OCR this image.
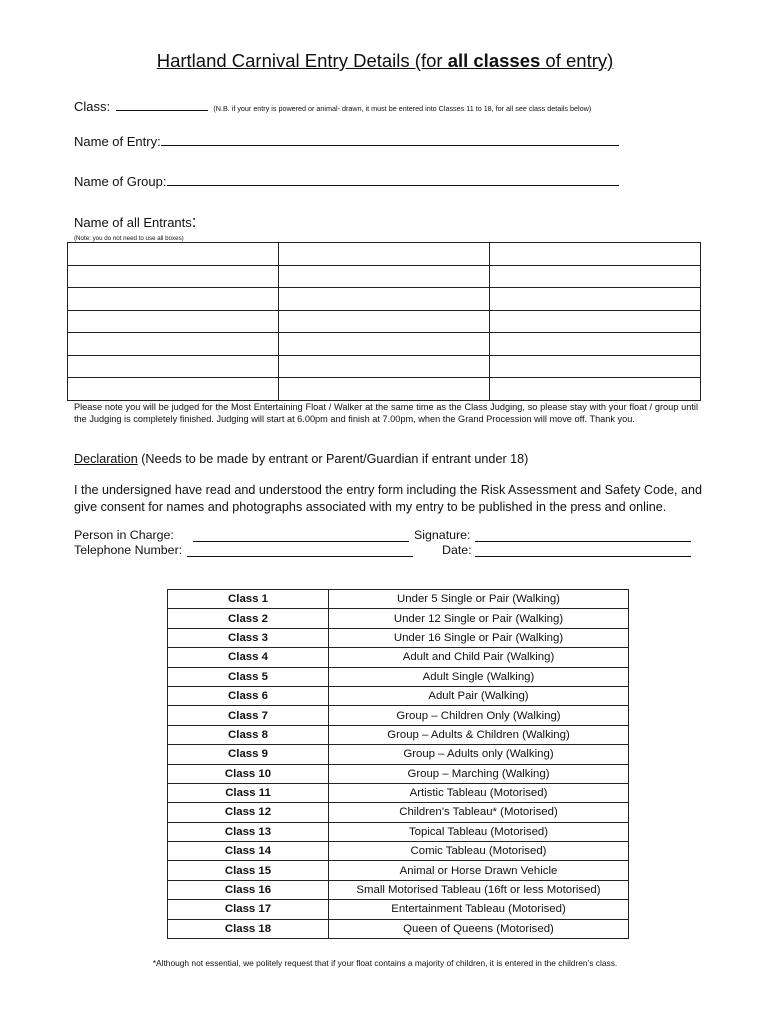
Hartland Carnival Entry Details (for all classes of entry)
Class:	(N.B. if your entry is powered or animal- drawn, it must be entered into Classes 11 to 18, for all see class details below)
Name of Entry:
Name of Group:
Name of all Entrants:
(Note: you do not need to use all boxes)

Please note you will be judged for the Most Entertaining Float / Walker at the same time as the Class Judging, so please stay with your float / group until the Judging is completely finished. Judging will start at 6.00pm and finish at 7.00pm, when the Grand Procession will move off. Thank you.
Declaration (Needs to be made by entrant or Parent/Guardian if entrant under 18)
I the undersigned have read and understood the entry form including the Risk Assessment and Safety Code, and give consent for names and photographs associated with my entry to be published in the press and online.
Person in Charge:	Signature:
Telephone Number:	Date:
Class 1	Under 5 Single or Pair (Walking)
Class 2	Under 12 Single or Pair (Walking)
Class 3	Under 16 Single or Pair (Walking)
Class 4	Adult and Child Pair (Walking)
Class 5	Adult Single (Walking)
Class 6	Adult Pair (Walking)
Class 7	Group – Children Only (Walking)
Class 8	Group – Adults & Children (Walking)
Class 9	Group – Adults only (Walking)
Class 10	Group – Marching (Walking)
Class 11	Artistic Tableau (Motorised)
Class 12	Children’s Tableau* (Motorised)
Class 13	Topical Tableau (Motorised)
Class 14	Comic Tableau (Motorised)
Class 15	Animal or Horse Drawn Vehicle
Class 16	Small Motorised Tableau (16ft or less Motorised)
Class 17	Entertainment Tableau (Motorised)
Class 18	Queen of Queens (Motorised)
*Although not essential, we politely request that if your float contains a majority of children, it is entered in the children’s class.
